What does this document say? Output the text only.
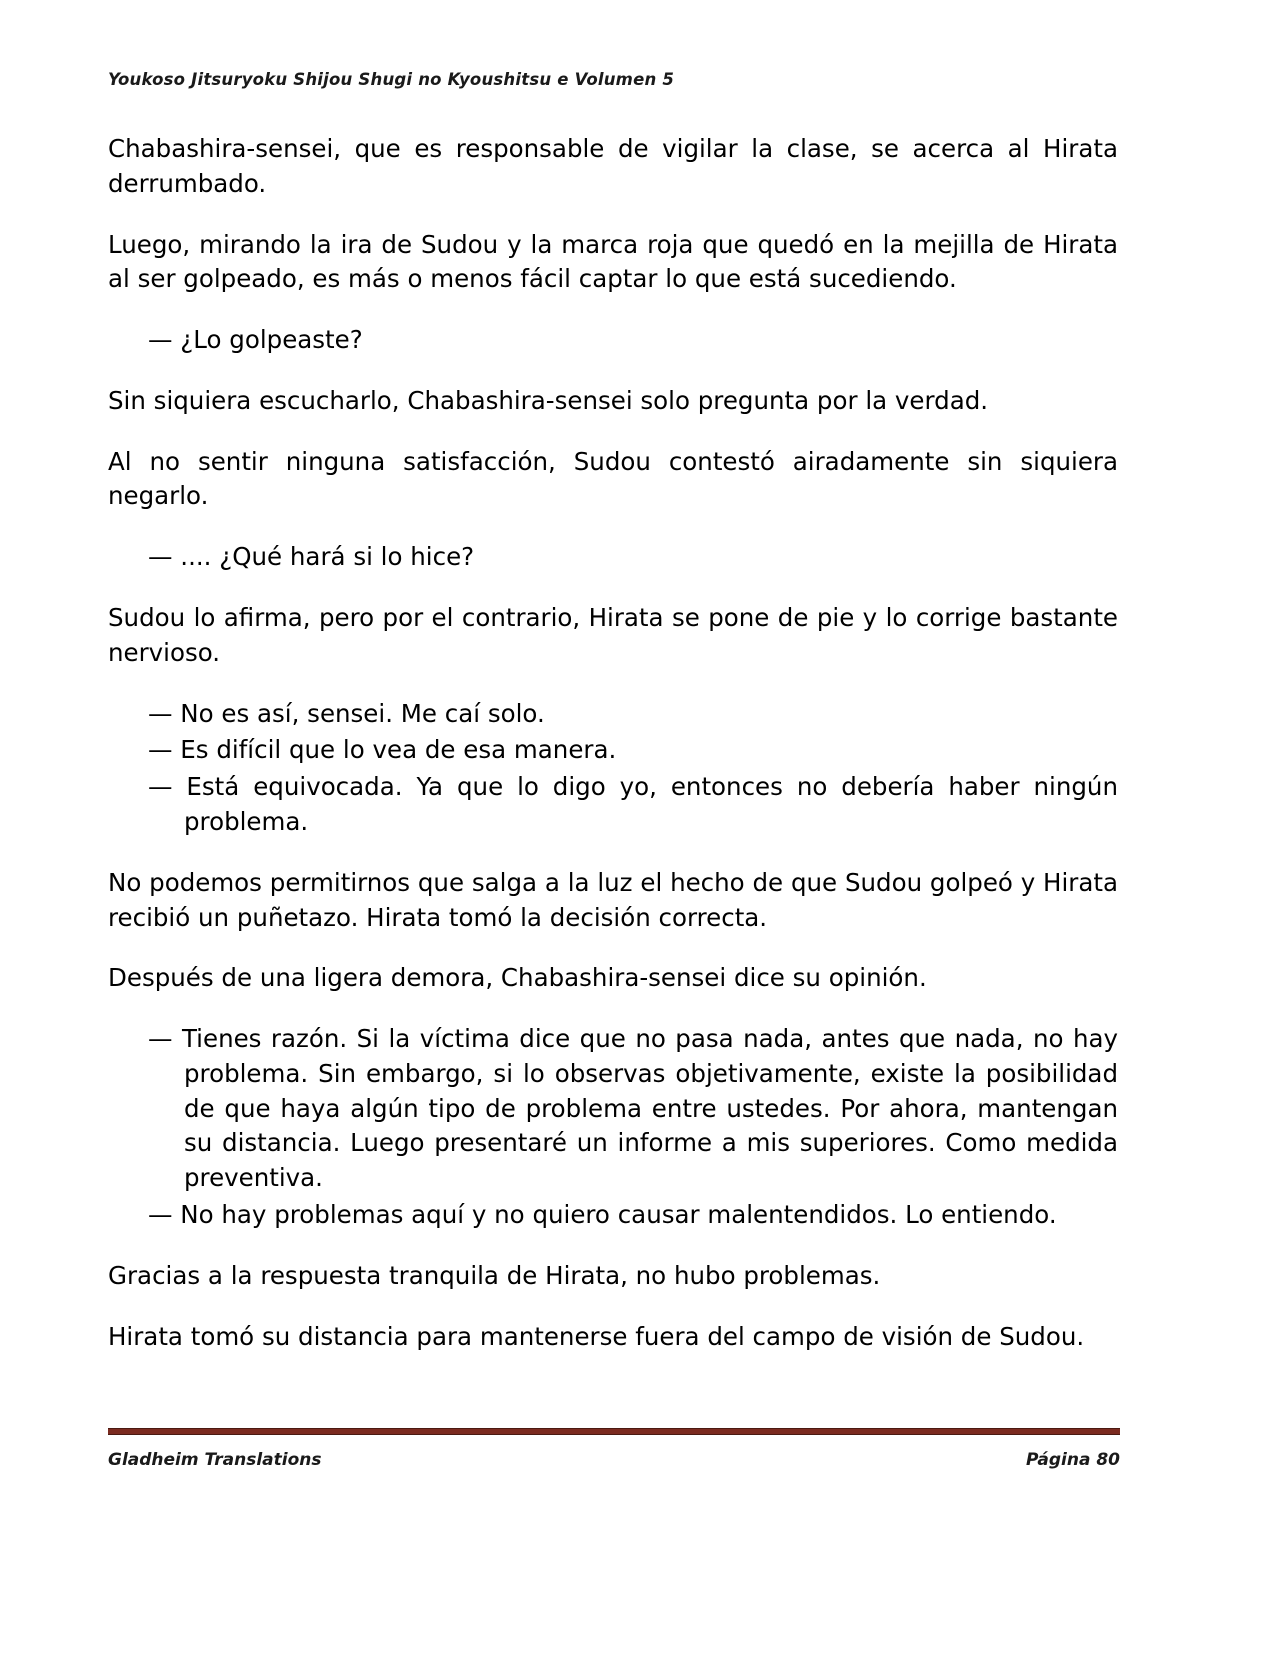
Youkoso Jitsuryoku Shijou Shugi no Kyoushitsu e Volumen 5

Chabashira-sensei, que es responsable de vigilar la clase, se acerca al Hirata derrumbado.

Luego, mirando la ira de Sudou y la marca roja que quedó en la mejilla de Hirata al ser golpeado, es más o menos fácil captar lo que está sucediendo.

— ¿Lo golpeaste?

Sin siquiera escucharlo, Chabashira-sensei solo pregunta por la verdad.

Al no sentir ninguna satisfacción, Sudou contestó airadamente sin siquiera negarlo.

— .... ¿Qué hará si lo hice?

Sudou lo afirma, pero por el contrario, Hirata se pone de pie y lo corrige bastante nervioso.

— No es así, sensei. Me caí solo.
— Es difícil que lo vea de esa manera.
— Está equivocada. Ya que lo digo yo, entonces no debería haber ningún problema.

No podemos permitirnos que salga a la luz el hecho de que Sudou golpeó y Hirata recibió un puñetazo. Hirata tomó la decisión correcta.

Después de una ligera demora, Chabashira-sensei dice su opinión.

— Tienes razón. Si la víctima dice que no pasa nada, antes que nada, no hay problema. Sin embargo, si lo observas objetivamente, existe la posibilidad de que haya algún tipo de problema entre ustedes. Por ahora, mantengan su distancia. Luego presentaré un informe a mis superiores. Como medida preventiva.
— No hay problemas aquí y no quiero causar malentendidos. Lo entiendo.

Gracias a la respuesta tranquila de Hirata, no hubo problemas.

Hirata tomó su distancia para mantenerse fuera del campo de visión de Sudou.

Gladheim Translations	Página 80
